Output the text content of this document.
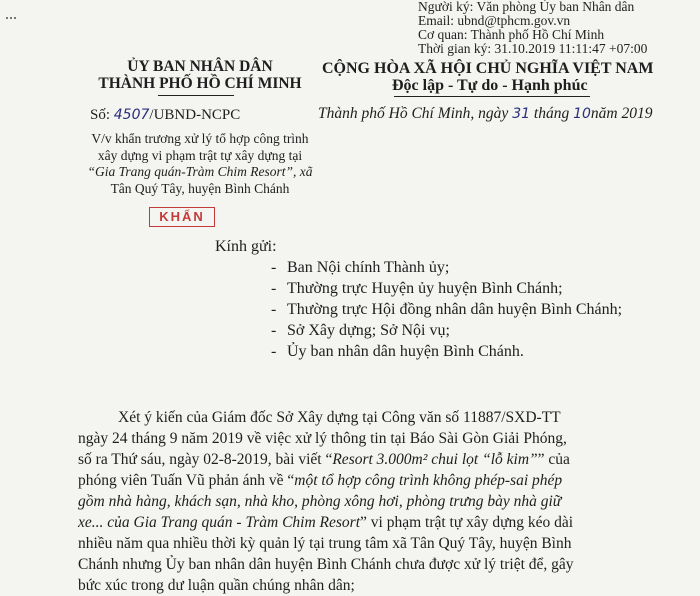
Người ký: Văn phòng Ủy ban Nhân dân
Email: ubnd@tphcm.gov.vn
Cơ quan: Thành phố Hồ Chí Minh
Thời gian ký: 31.10.2019 11:11:47 +07:00
ỦY BAN NHÂN DÂN
THÀNH PHỐ HỒ CHÍ MINH
CỘNG HÒA XÃ HỘI CHỦ NGHĨA VIỆT NAM
Độc lập - Tự do - Hạnh phúc
Số: 4507/UBND-NCPC	Thành phố Hồ Chí Minh, ngày 31 tháng 10năm 2019
V/v khẩn trương xử lý tổ hợp công trình
xây dựng vi phạm trật tự xây dựng tại
“Gia Trang quán-Tràm Chim Resort”, xã
Tân Quý Tây, huyện Bình Chánh
KHẨN
Kính gửi:
- Ban Nội chính Thành ủy;
- Thường trực Huyện ủy huyện Bình Chánh;
- Thường trực Hội đồng nhân dân huyện Bình Chánh;
- Sở Xây dựng; Sở Nội vụ;
- Ủy ban nhân dân huyện Bình Chánh.
Xét ý kiến của Giám đốc Sở Xây dựng tại Công văn số 11887/SXD-TT
ngày 24 tháng 9 năm 2019 về việc xử lý thông tin tại Báo Sài Gòn Giải Phóng,
số ra Thứ sáu, ngày 02-8-2019, bài viết “Resort 3.000m² chui lọt “lỗ kim”” của
phóng viên Tuấn Vũ phản ánh về “một tổ hợp công trình không phép-sai phép
gồm nhà hàng, khách sạn, nhà kho, phòng xông hơi, phòng trưng bày nhà giữ
xe... của Gia Trang quán - Tràm Chim Resort” vi phạm trật tự xây dựng kéo dài
nhiều năm qua nhiều thời kỳ quản lý tại trung tâm xã Tân Quý Tây, huyện Bình
Chánh nhưng Ủy ban nhân dân huyện Bình Chánh chưa được xử lý triệt để, gây
bức xúc trong dư luận quần chúng nhân dân;
